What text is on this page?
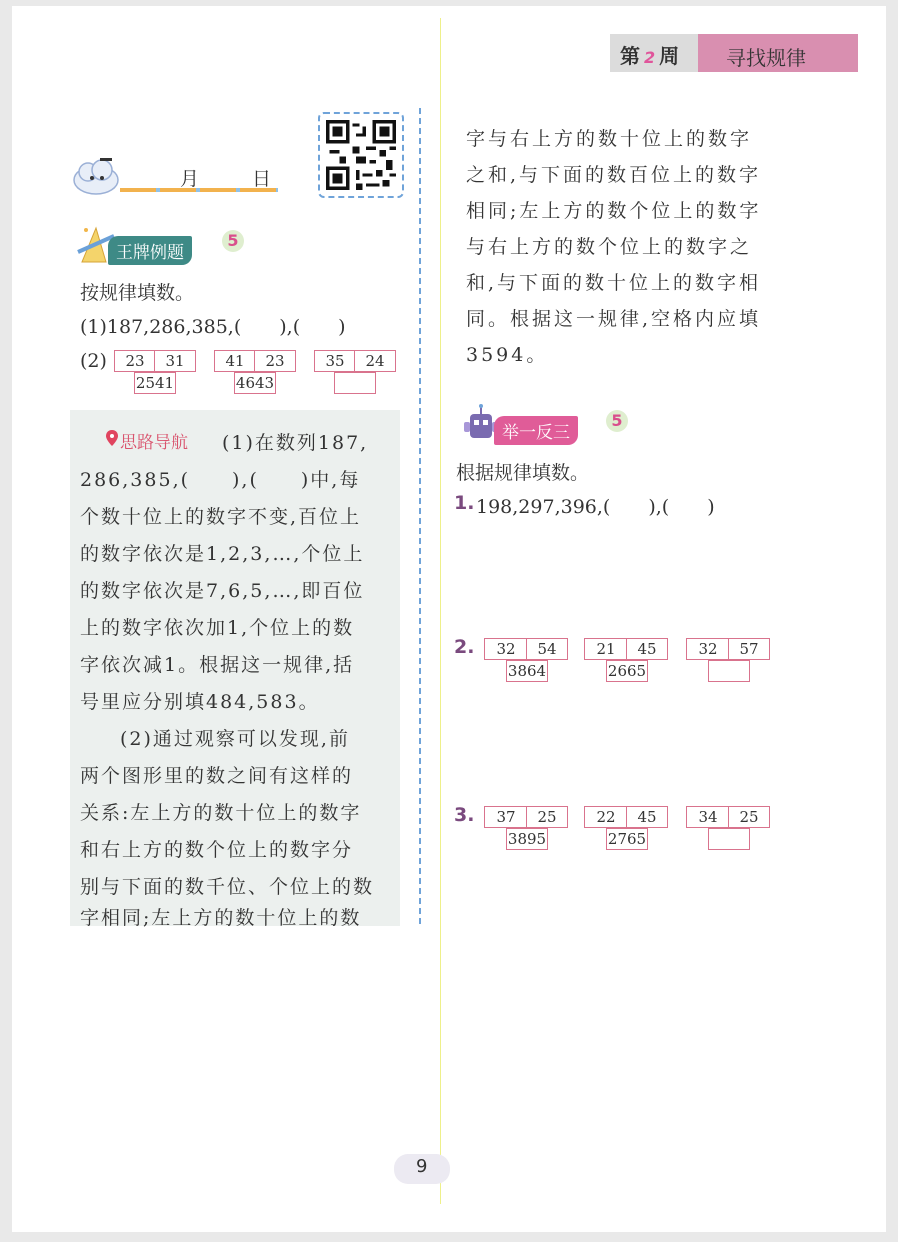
第 2 周 寻找规律
月	日
王牌例题
5
按规律填数。
(1)187,286,385,(　　),(　　)
(2)	23	31
2541
41	23
4643
35	24
思路导航 (1)在数列187,
286,385,(　　),(　　)中,每
个数十位上的数字不变,百位上
的数字依次是1,2,3,…,个位上
的数字依次是7,6,5,…,即百位
上的数字依次加1,个位上的数
字依次减1。根据这一规律,括
号里应分别填484,583。
(2)通过观察可以发现,前
两个图形里的数之间有这样的
关系:左上方的数十位上的数字
和右上方的数个位上的数字分
别与下面的数千位、个位上的数
字相同;左上方的数十位上的数
字与右上方的数十位上的数字
之和,与下面的数百位上的数字
相同;左上方的数个位上的数字
与右上方的数个位上的数字之
和,与下面的数十位上的数字相
同。根据这一规律,空格内应填
3594。
举一反三
5
根据规律填数。
1. 198,297,396,(　　),(　　)
2.	32	54
3864
21	45
2665
32	57
3.	37	25
3895
22	45
2765
34	25
9
